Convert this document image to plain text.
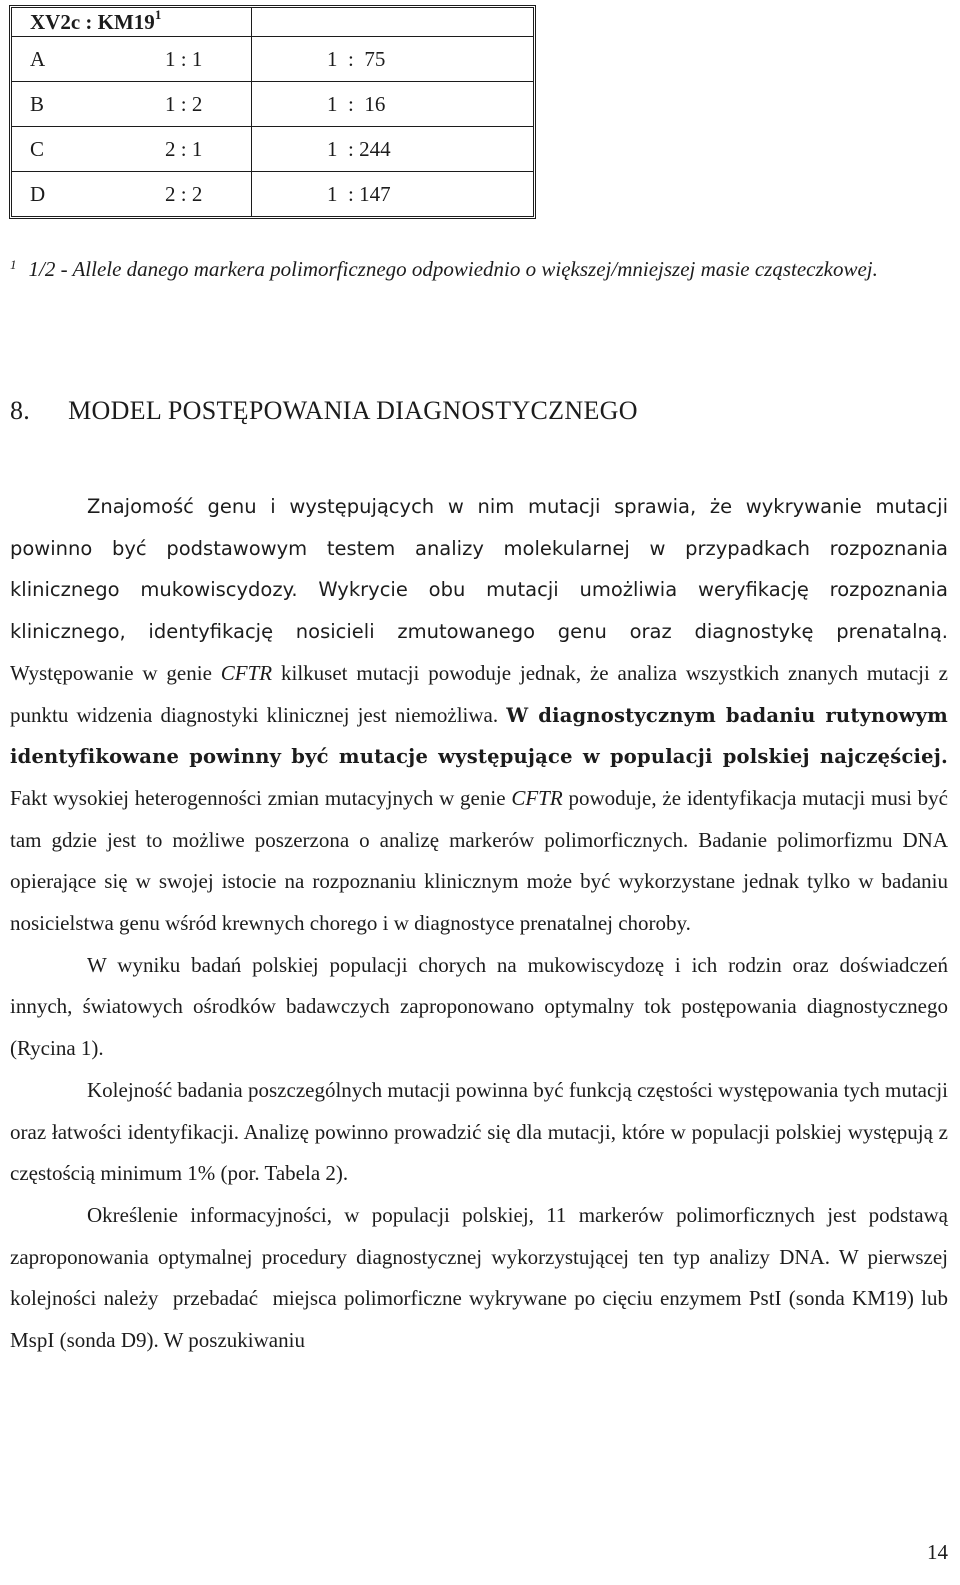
XV2c : $KM19^1$	
A	1 : 1	1  :  75
B	1 : 2	1  :  16
C	2 : 1	1  : 244
D	2 : 2	1  : 147
$^1$ 1/2 - Allele danego markera polimorficznego odpowiednio o większej/mniejszej masie cząsteczkowej.
8. MODEL POSTĘPOWANIA DIAGNOSTYCZNEGO

Znajomość genu i występujących w nim mutacji sprawia, że wykrywanie mutacji powinno być podstawowym testem analizy molekularnej w przypadkach rozpoznania klinicznego mukowiscydozy. Wykrycie obu mutacji umożliwia weryfikację rozpoznania klinicznego, identyfikację nosicieli zmutowanego genu oraz diagnostykę prenatalną. Występowanie w genie CFTR kilkuset mutacji powoduje jednak, że analiza wszystkich znanych mutacji z punktu widzenia diagnostyki klinicznej jest niemożliwa. W diagnostycznym badaniu rutynowym identyfikowane powinny być mutacje występujące w populacji polskiej najczęściej. Fakt wysokiej heterogenności zmian mutacyjnych w genie CFTR powoduje, że identyfikacja mutacji musi być tam gdzie jest to możliwe poszerzona o analizę markerów polimorficznych. Badanie polimorfizmu DNA opierające się w swojej istocie na rozpoznaniu klinicznym może być wykorzystane jednak tylko w badaniu nosicielstwa genu wśród krewnych chorego i w diagnostyce prenatalnej choroby.

W wyniku badań polskiej populacji chorych na mukowiscydozę i ich rodzin oraz doświadczeń innych, światowych ośrodków badawczych zaproponowano optymalny tok postępowania diagnostycznego (Rycina 1).

Kolejność badania poszczególnych mutacji powinna być funkcją częstości występowania tych mutacji oraz łatwości identyfikacji. Analizę powinno prowadzić się dla mutacji, które w populacji polskiej występują z częstością minimum 1% (por. Tabela 2).

Określenie informacyjności, w populacji polskiej, 11 markerów polimorficznych jest podstawą zaproponowania optymalnej procedury diagnostycznej wykorzystującej ten typ analizy DNA. W pierwszej kolejności należy  przebadać  miejsca polimorficzne wykrywane po cięciu enzymem PstI (sonda KM19) lub MspI (sonda D9). W poszukiwaniu

14
